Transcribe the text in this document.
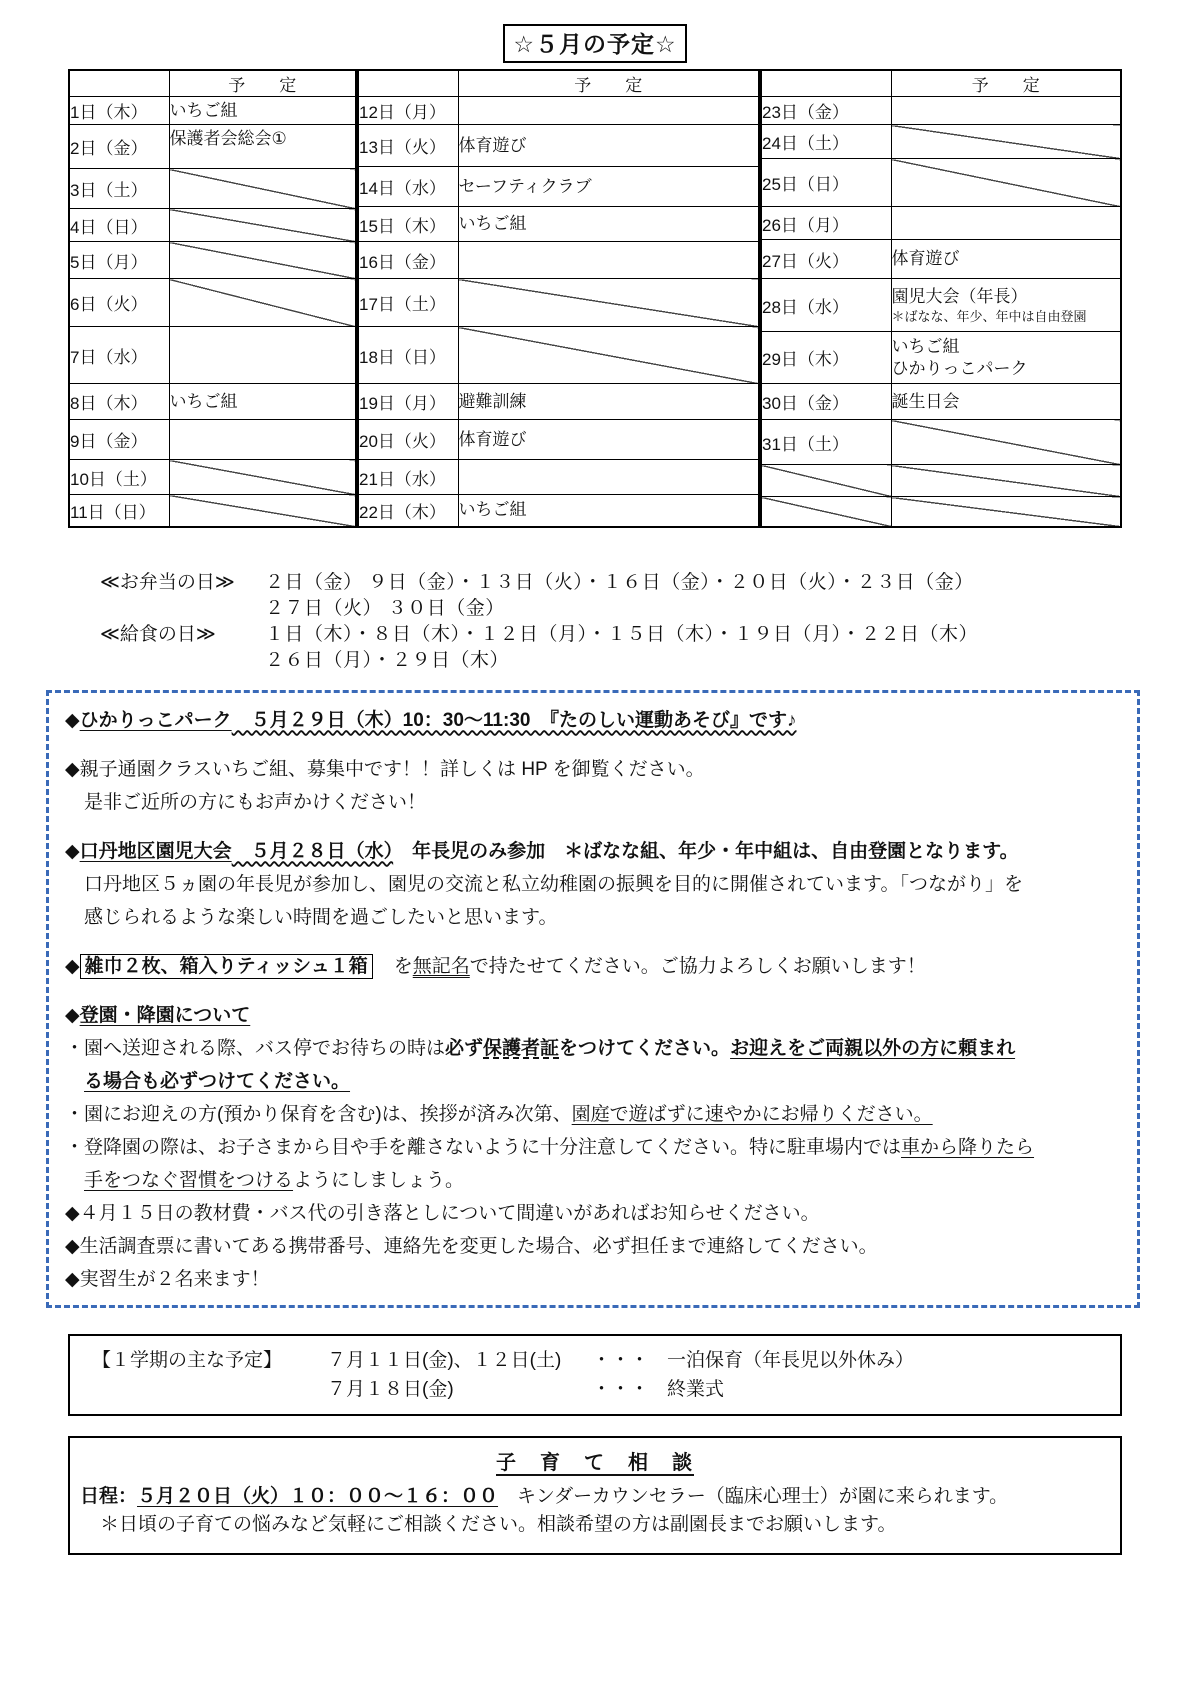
☆５月の予定☆
	予　　定
1日（木）	いちご組

2日（金）	保護者会総会①

3日（土）	
4日（日）	
5日（月）	
6日（火）	
7日（水）	
8日（木）	いちご組

9日（金）	
10日（土）	
11日（日）	
	予　　定
12日（月）	
13日（火）	体育遊び

14日（水）	セーフティクラブ

15日（木）	いちご組

16日（金）	
17日（土）	
18日（日）	
19日（月）	避難訓練

20日（火）	体育遊び

21日（水）	
22日（木）	いちご組
	予　　定
23日（金）	
24日（土）	
25日（日）	
26日（月）	
27日（火）	体育遊び

28日（水）	園児大会（年長）
＊ばなな、年少、年中は自由登園

29日（木）	いちご組
ひかりっこパーク

30日（金）	誕生日会

31日（土）	

≪お弁当の日≫	２日（金） ９日（金）・１３日（火）・１６日（金）・２０日（火）・２３日（金）
２７日（火） ３０日（金）
≪給食の日≫	１日（木）・８日（木）・１２日（月）・１５日（木）・１９日（月）・２２日（木）
２６日（月）・２９日（木）
◆ひかりっこパーク　５月２９日（木）10：30～11:30　『たのしい運動あそび』です♪
◆親子通園クラスいちご組、募集中です！！詳しくは HP を御覧ください。
　是非ご近所の方にもお声かけください！
◆口丹地区園児大会　５月２８日（水）　年長児のみ参加　＊ばなな組、年少・年中組は、自由登園となります。
　口丹地区５ヵ園の年長児が参加し、園児の交流と私立幼稚園の振興を目的に開催されています。「つながり」を
　感じられるような楽しい時間を過ごしたいと思います。
◆ 雑巾２枚、箱入りティッシュ１箱　を無記名で持たせてください。ご協力よろしくお願いします！
◆登園・降園について
・園へ送迎される際、バス停でお待ちの時は必ず保護者証をつけてください。お迎えをご両親以外の方に頼まれ
　る場合も必ずつけてください。
・園にお迎えの方(預かり保育を含む)は、挨拶が済み次第、園庭で遊ばずに速やかにお帰りください。
・登降園の際は、お子さまから目や手を離さないように十分注意してください。特に駐車場内では車から降りたら
　手をつなぐ習慣をつけるようにしましょう。
◆４月１５日の教材費・バス代の引き落としについて間違いがあればお知らせください。
◆生活調査票に書いてある携帯番号、連絡先を変更した場合、必ず担任まで連絡してください。
◆実習生が２名来ます！
【１学期の主な予定】	７月１１日(金)、１２日(土)	・・・ 一泊保育（年長児以外休み）
７月１８日(金)	・・・ 終業式
子　育　て　相　談
日程：５月２０日（火）１０：００～１６：００　キンダーカウンセラー（臨床心理士）が園に来られます。
＊日頃の子育ての悩みなど気軽にご相談ください。相談希望の方は副園長までお願いします。
